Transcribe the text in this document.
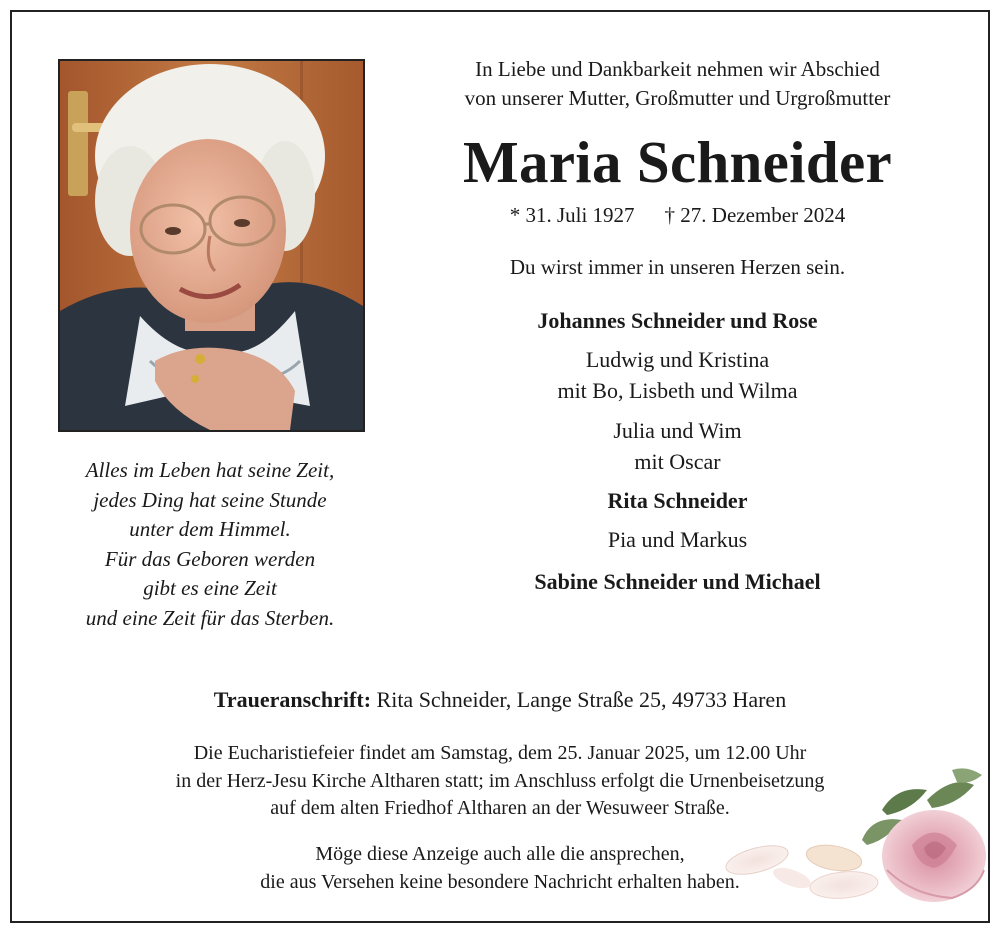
Alles im Leben hat seine Zeit,
jedes Ding hat seine Stunde
unter dem Himmel.
Für das Geboren werden
gibt es eine Zeit
und eine Zeit für das Sterben.
In Liebe und Dankbarkeit nehmen wir Abschied
von unserer Mutter, Großmutter und Urgroßmutter
Maria Schneider
* 31. Juli 1927 † 27. Dezember 2024
Du wirst immer in unseren Herzen sein.
Johannes Schneider und Rose
Ludwig und Kristina
mit Bo, Lisbeth und Wilma
Julia und Wim
mit Oscar
Rita Schneider
Pia und Markus
Sabine Schneider und Michael
Traueranschrift: Rita Schneider, Lange Straße 25, 49733 Haren
Die Eucharistiefeier findet am Samstag, dem 25. Januar 2025, um 12.00 Uhr
in der Herz-Jesu Kirche Altharen statt; im Anschluss erfolgt die Urnenbeisetzung
auf dem alten Friedhof Altharen an der Wesuweer Straße.
Möge diese Anzeige auch alle die ansprechen,
die aus Versehen keine besondere Nachricht erhalten haben.
